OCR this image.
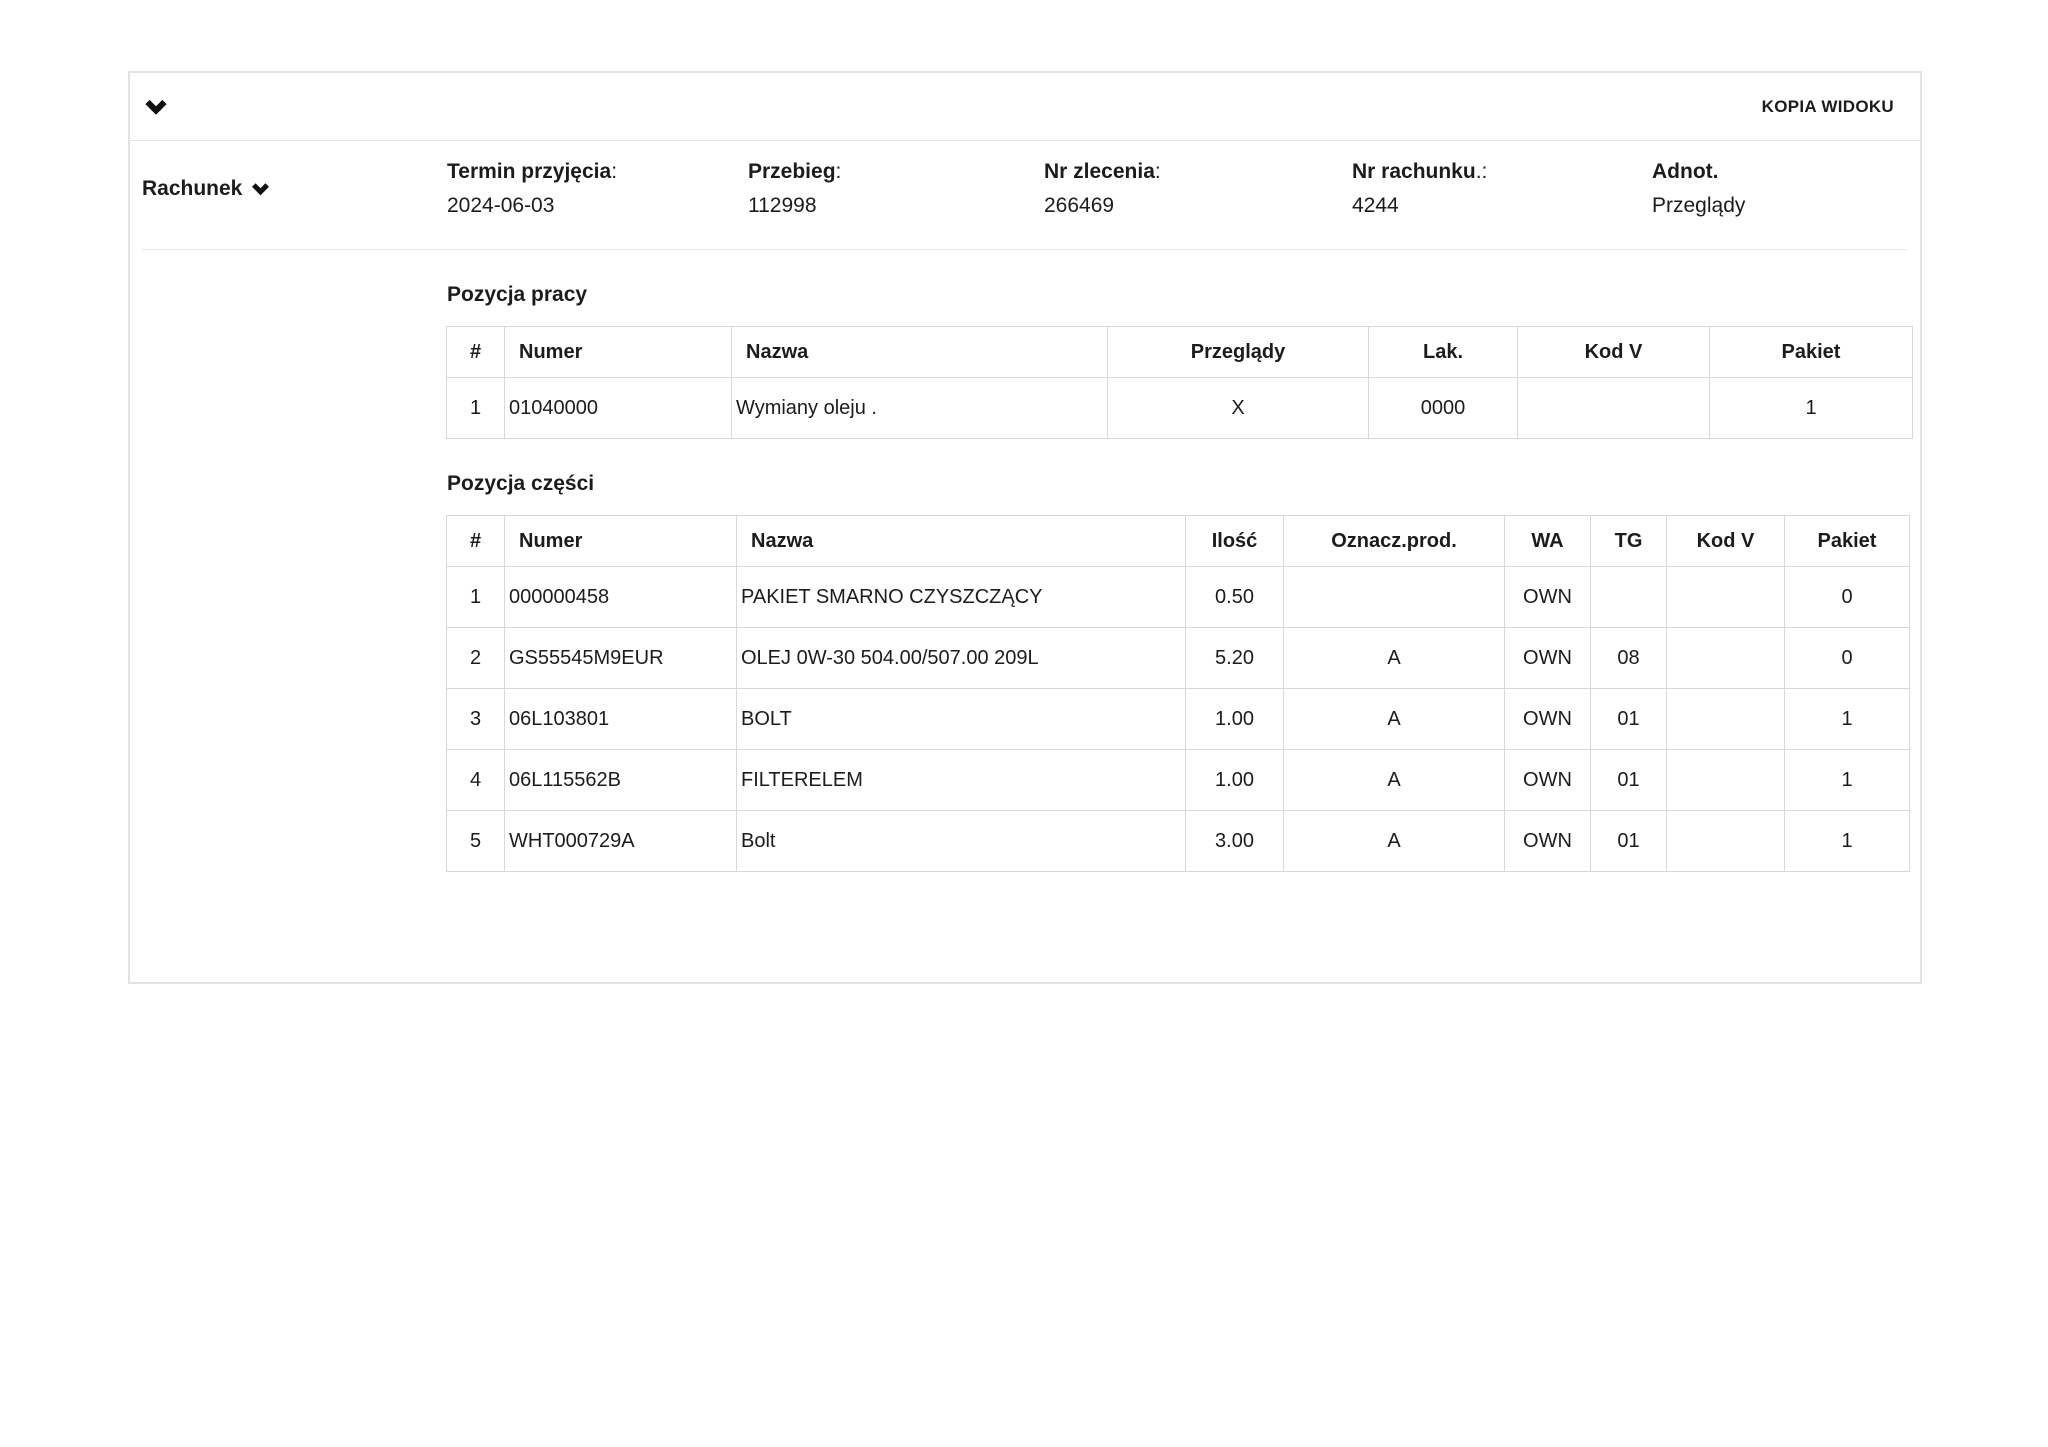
KOPIA WIDOKU
Rachunek
Termin przyjęcia:
2024-06-03
Przebieg:
112998
Nr zlecenia:
266469
Nr rachunku.:
4244
Adnot.
Przeglądy
Pozycja pracy
#	Numer	Nazwa	Przeglądy	Lak.	Kod V	Pakiet
1	01040000	Wymiany oleju .	X	0000		1
Pozycja części
#	Numer	Nazwa	Ilość	Oznacz.prod.	WA	TG	Kod V	Pakiet
1	000000458	PAKIET SMARNO CZYSZCZĄCY	0.50		OWN			0
2	GS55545M9EUR	OLEJ 0W-30 504.00/507.00 209L	5.20	A	OWN	08		0
3	06L103801	BOLT	1.00	A	OWN	01		1
4	06L115562B	FILTERELEM	1.00	A	OWN	01		1
5	WHT000729A	Bolt	3.00	A	OWN	01		1
